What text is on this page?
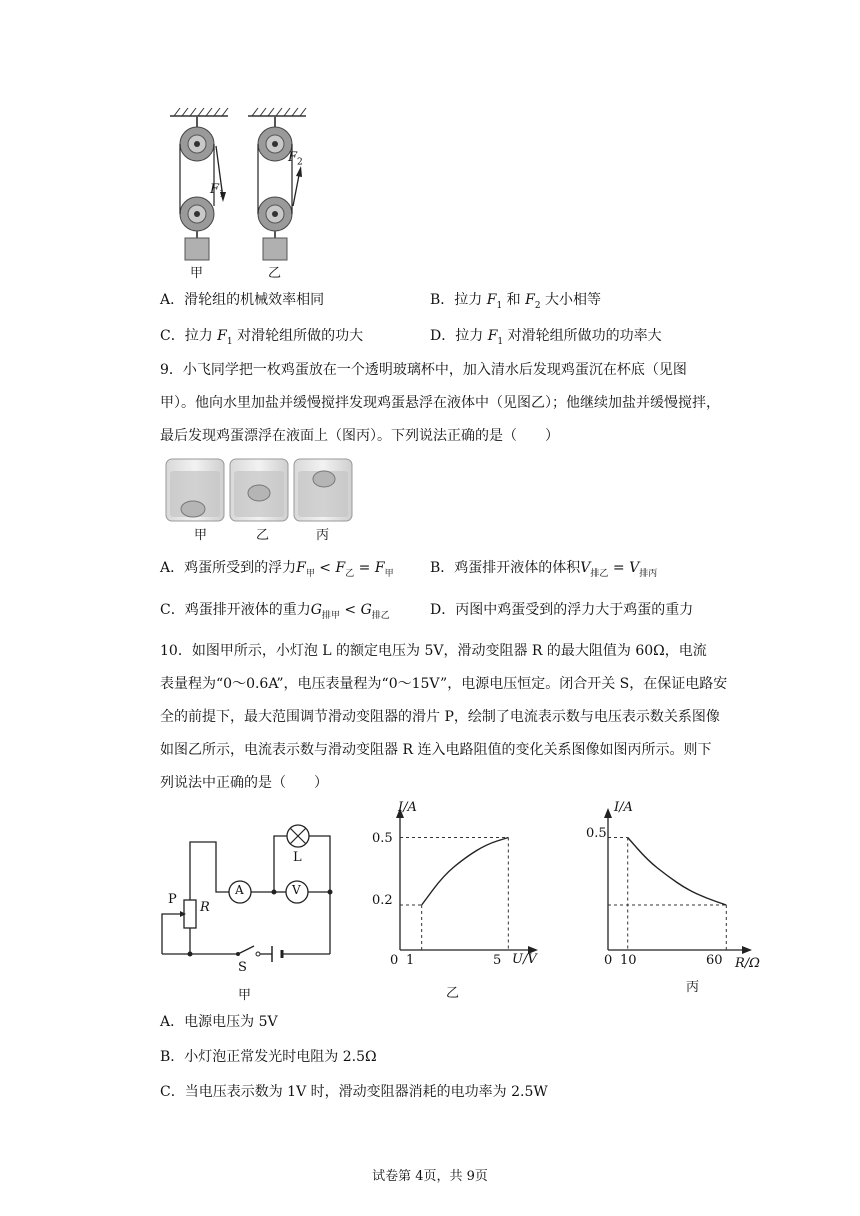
$F_1$
$F_2$
甲	乙
A．滑轮组的机械效率相同	B．拉力 $F_1$ 和 $F_2$ 大小相等
C．拉力 $F_1$ 对滑轮组所做的功大	D．拉力 $F_1$ 对滑轮组所做功的功率大
9．小飞同学把一枚鸡蛋放在一个透明玻璃杯中，加入清水后发现鸡蛋沉在杯底（见图
甲）。他向水里加盐并缓慢搅拌发现鸡蛋悬浮在液体中（见图乙）；他继续加盐并缓慢搅拌，
最后发现鸡蛋漂浮在液面上（图丙）。下列说法正确的是（　　）
甲	乙	丙
A．鸡蛋所受到的浮力$F_甲 < F_乙 = F_甲$	B．鸡蛋排开液体的体积$V_{排乙} = V_{排丙}$
C．鸡蛋排开液体的重力$G_{排甲} < G_{排乙}$	D．丙图中鸡蛋受到的浮力大于鸡蛋的重力
10．如图甲所示，小灯泡 L 的额定电压为 5V，滑动变阻器 R 的最大阻值为 60Ω，电流
表量程为“0～0.6A”，电压表量程为“0～15V”，电源电压恒定。闭合开关 S，在保证电路安
全的前提下，最大范围调节滑动变阻器的滑片 P，绘制了电流表示数与电压表示数关系图像
如图乙所示，电流表示数与滑动变阻器 R 连入电路阻值的变化关系图像如图丙所示。则下
列说法中正确的是（　　）
A	V
L
P
R
S
甲
I/A
U/V
0.5
0.2
0 1	5
乙
I/A
R/Ω
0.5
0 10	60
丙
A．电源电压为 5V
B．小灯泡正常发光时电阻为 2.5Ω
C．当电压表示数为 1V 时，滑动变阻器消耗的电功率为 2.5W
试卷第 4页，共 9页
